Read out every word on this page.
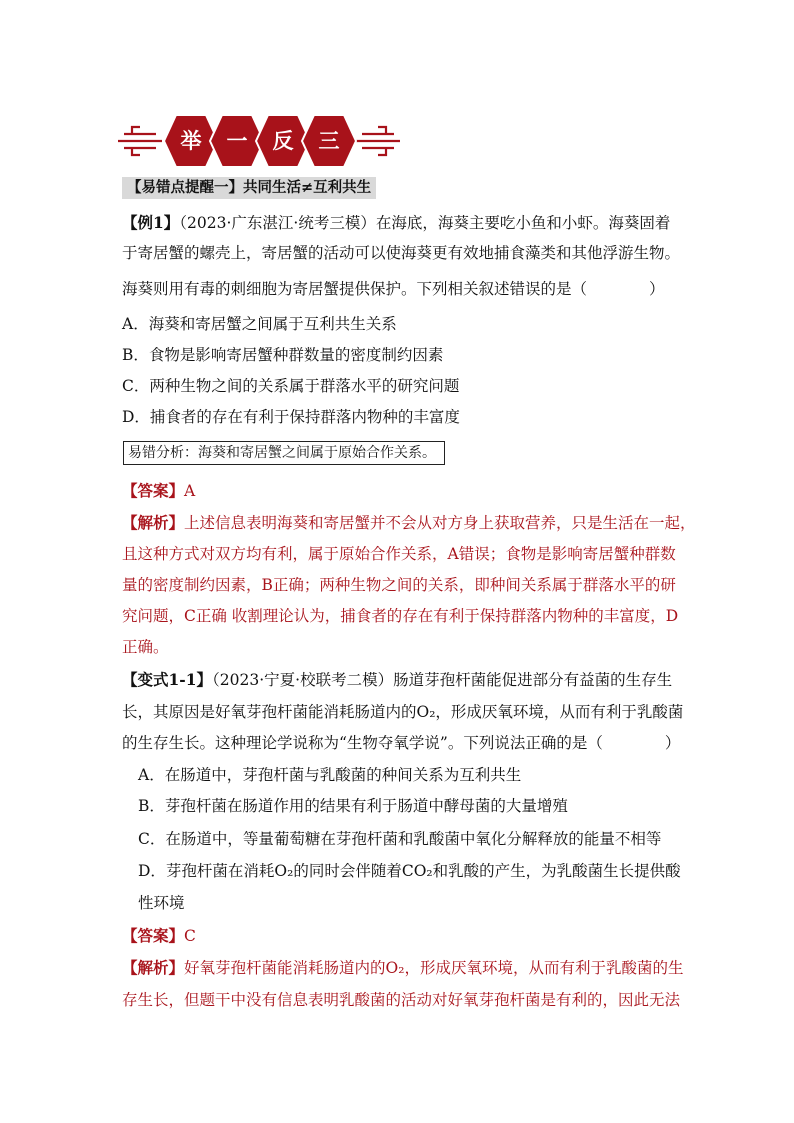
举	一	反	三
【易错点提醒一】共同生活≠互利共生
【例1】（2023·广东湛江·统考三模）在海底，海葵主要吃小鱼和小虾。海葵固着
于寄居蟹的螺壳上，寄居蟹的活动可以使海葵更有效地捕食藻类和其他浮游生物。
海葵则用有毒的刺细胞为寄居蟹提供保护。下列相关叙述错误的是（　　　　）
A．海葵和寄居蟹之间属于互利共生关系
B．食物是影响寄居蟹种群数量的密度制约因素
C．两种生物之间的关系属于群落水平的研究问题
D．捕食者的存在有利于保持群落内物种的丰富度
易错分析：海葵和寄居蟹之间属于原始合作关系。
【答案】A
【解析】上述信息表明海葵和寄居蟹并不会从对方身上获取营养，只是生活在一起，
且这种方式对双方均有利，属于原始合作关系，A错误；食物是影响寄居蟹种群数
量的密度制约因素，B正确；两种生物之间的关系，即种间关系属于群落水平的研
究问题，C正确 收割理论认为，捕食者的存在有利于保持群落内物种的丰富度，D
正确。
【变式1-1】（2023·宁夏·校联考二模）肠道芽孢杆菌能促进部分有益菌的生存生
长，其原因是好氧芽孢杆菌能消耗肠道内的O₂，形成厌氧环境，从而有利于乳酸菌
的生存生长。这种理论学说称为“生物夺氧学说”。下列说法正确的是（　　　　）
A．在肠道中，芽孢杆菌与乳酸菌的种间关系为互利共生
B．芽孢杆菌在肠道作用的结果有利于肠道中酵母菌的大量增殖
C．在肠道中，等量葡萄糖在芽孢杆菌和乳酸菌中氧化分解释放的能量不相等
D．芽孢杆菌在消耗O₂的同时会伴随着CO₂和乳酸的产生，为乳酸菌生长提供酸
性环境
【答案】C
【解析】好氧芽孢杆菌能消耗肠道内的O₂，形成厌氧环境，从而有利于乳酸菌的生
存生长，但题干中没有信息表明乳酸菌的活动对好氧芽孢杆菌是有利的，因此无法
